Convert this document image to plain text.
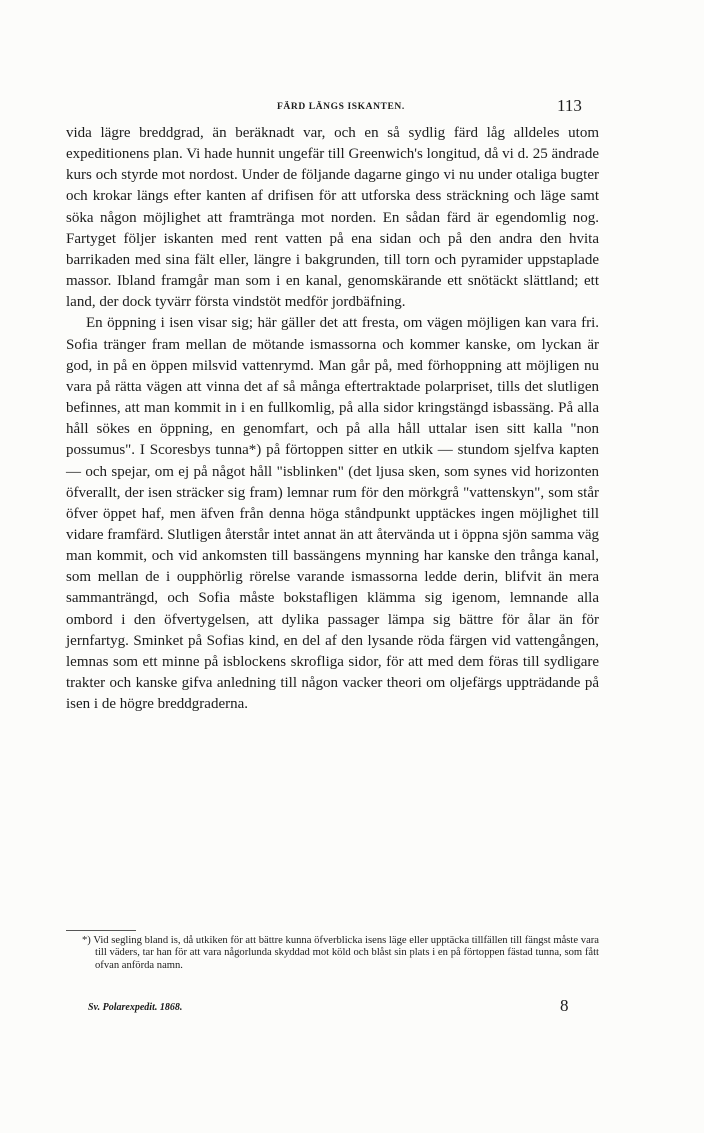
FÄRD LÄNGS ISKANTEN.	113

vida lägre breddgrad, än beräknadt var, och en så sydlig färd låg alldeles utom expeditionens plan. Vi hade hunnit ungefär till Greenwich's longitud, då vi d. 25 ändrade kurs och styrde mot nordost. Under de följande dagarne gingo vi nu under otaliga bugter och krokar längs efter kanten af drifisen för att utforska dess sträckning och läge samt söka någon möjlighet att framtränga mot norden. En sådan färd är egendomlig nog. Fartyget följer iskanten med rent vatten på ena sidan och på den andra den hvita barrikaden med sina fält eller, längre i bakgrunden, till torn och pyramider uppstaplade massor. Ibland framgår man som i en kanal, genomskärande ett snötäckt slättland; ett land, der dock tyvärr första vindstöt medför jordbäfning.

En öppning i isen visar sig; här gäller det att fresta, om vägen möjligen kan vara fri. Sofia tränger fram mellan de mötande ismassorna och kommer kanske, om lyckan är god, in på en öppen milsvid vattenrymd. Man går på, med förhoppning att möjligen nu vara på rätta vägen att vinna det af så många eftertraktade polarpriset, tills det slutligen befinnes, att man kommit in i en fullkomlig, på alla sidor kringstängd isbassäng. På alla håll sökes en öppning, en genomfart, och på alla håll uttalar isen sitt kalla "non possumus". I Scoresbys tunna*) på förtoppen sitter en utkik — stundom sjelfva kapten — och spejar, om ej på något håll "isblinken" (det ljusa sken, som synes vid horizonten öfverallt, der isen sträcker sig fram) lemnar rum för den mörkgrå "vattenskyn", som står öfver öppet haf, men äfven från denna höga ståndpunkt upptäckes ingen möjlighet till vidare framfärd. Slutligen återstår intet annat än att återvända ut i öppna sjön samma väg man kommit, och vid ankomsten till bassängens mynning har kanske den trånga kanal, som mellan de i oupphörlig rörelse varande ismassorna ledde derin, blifvit än mera sammanträngd, och Sofia måste bokstafligen klämma sig igenom, lemnande alla ombord i den öfvertygelsen, att dylika passager lämpa sig bättre för ålar än för jernfartyg. Sminket på Sofias kind, en del af den lysande röda färgen vid vattengången, lemnas som ett minne på isblockens skrofliga sidor, för att med dem föras till sydligare trakter och kanske gifva anledning till någon vacker theori om oljefärgs uppträdande på isen i de högre breddgraderna.

*) Vid segling bland is, då utkiken för att bättre kunna öfverblicka isens läge eller upptäcka tillfällen till fängst måste vara till väders, tar han för att vara någorlunda skyddad mot köld och blåst sin plats i en på förtoppen fästad tunna, som fått ofvan anförda namn.
Sv. Polarexpedit. 1868.	8
